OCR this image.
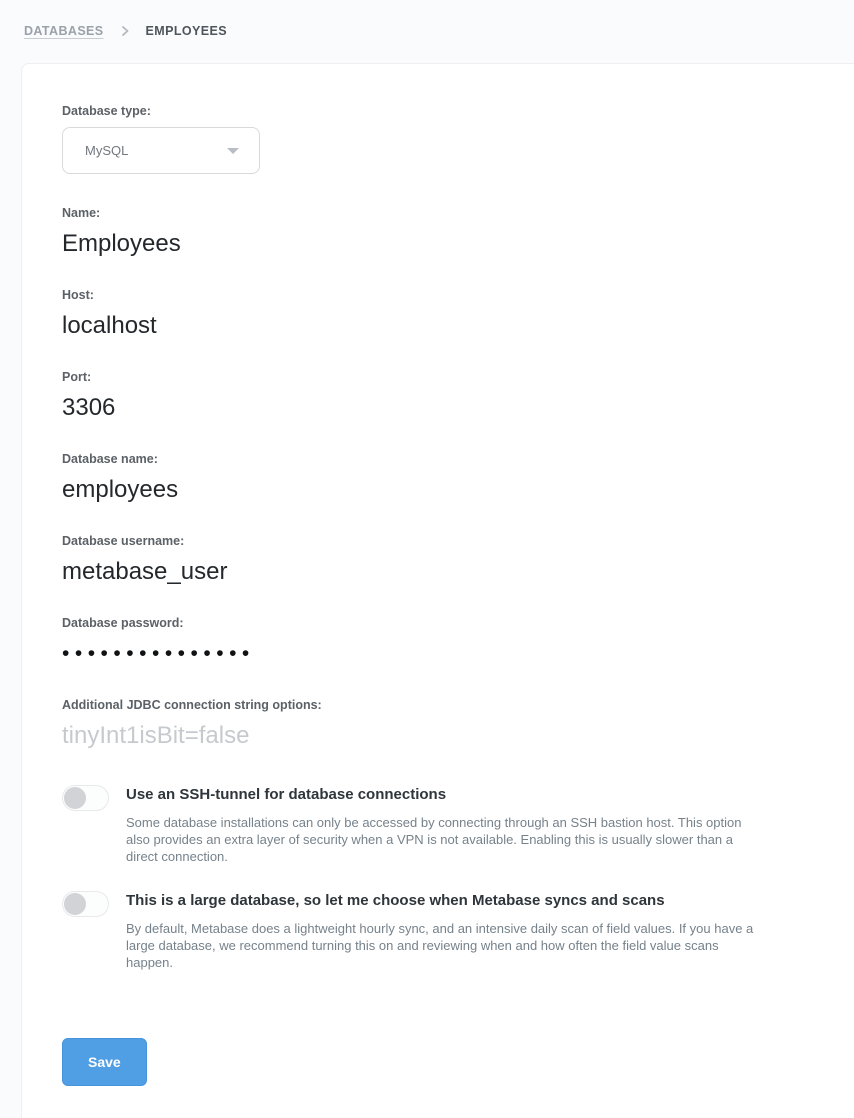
DATABASES	EMPLOYEES
Database type:
MySQL
Name:
Employees
Host:
localhost
Port:
3306
Database name:
employees
Database username:
metabase_user
Database password:
•••••••••••••••
Additional JDBC connection string options:
tinyInt1isBit=false
Use an SSH-tunnel for database connections
Some database installations can only be accessed by connecting through an SSH bastion host. This option also provides an extra layer of security when a VPN is not available. Enabling this is usually slower than a direct connection.
This is a large database, so let me choose when Metabase syncs and scans
By default, Metabase does a lightweight hourly sync, and an intensive daily scan of field values. If you have a large database, we recommend turning this on and reviewing when and how often the field value scans happen.
Save
